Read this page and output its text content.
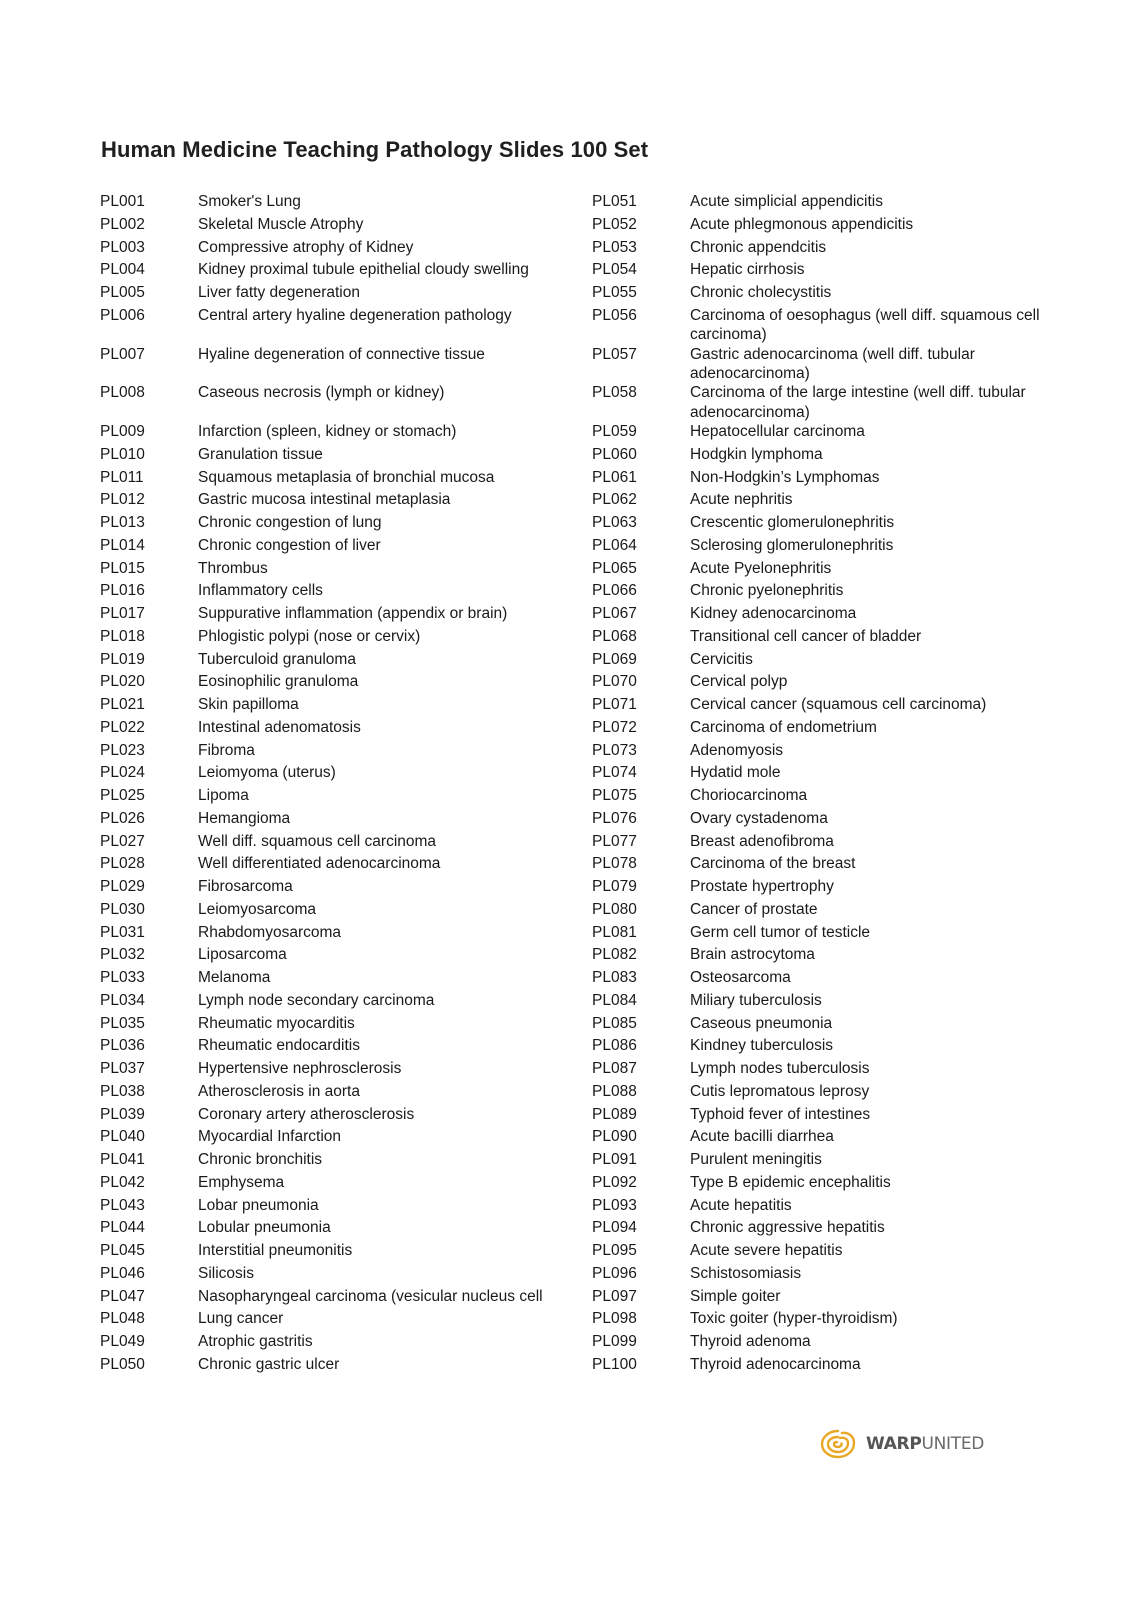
Human Medicine Teaching Pathology Slides 100 Set
PL001	Smoker's Lung
PL002	Skeletal Muscle Atrophy
PL003	Compressive atrophy of Kidney
PL004	Kidney proximal tubule epithelial cloudy swelling
PL005	Liver fatty degeneration
PL006	Central artery hyaline degeneration pathology
PL007	Hyaline degeneration of connective tissue
PL008	Caseous necrosis (lymph or kidney)
PL009	Infarction (spleen, kidney or stomach)
PL010	Granulation tissue
PL011	Squamous metaplasia of bronchial mucosa
PL012	Gastric mucosa intestinal metaplasia
PL013	Chronic congestion of lung
PL014	Chronic congestion of liver
PL015	Thrombus
PL016	Inflammatory cells
PL017	Suppurative inflammation (appendix or brain)
PL018	Phlogistic polypi (nose or cervix)
PL019	Tuberculoid granuloma
PL020	Eosinophilic granuloma
PL021	Skin papilloma
PL022	Intestinal adenomatosis
PL023	Fibroma
PL024	Leiomyoma (uterus)
PL025	Lipoma
PL026	Hemangioma
PL027	Well diff. squamous cell carcinoma
PL028	Well differentiated adenocarcinoma
PL029	Fibrosarcoma
PL030	Leiomyosarcoma
PL031	Rhabdomyosarcoma
PL032	Liposarcoma
PL033	Melanoma
PL034	Lymph node secondary carcinoma
PL035	Rheumatic myocarditis
PL036	Rheumatic endocarditis
PL037	Hypertensive nephrosclerosis
PL038	Atherosclerosis in aorta
PL039	Coronary artery atherosclerosis
PL040	Myocardial Infarction
PL041	Chronic bronchitis
PL042	Emphysema
PL043	Lobar pneumonia
PL044	Lobular pneumonia
PL045	Interstitial pneumonitis
PL046	Silicosis
PL047	Nasopharyngeal carcinoma (vesicular nucleus cell
PL048	Lung cancer
PL049	Atrophic gastritis
PL050	Chronic gastric ulcer
PL051	Acute simplicial appendicitis
PL052	Acute phlegmonous appendicitis
PL053	Chronic appendcitis
PL054	Hepatic cirrhosis
PL055	Chronic cholecystitis
PL056	Carcinoma of oesophagus (well diff. squamous cell carcinoma)
PL057	Gastric adenocarcinoma (well diff. tubular adenocarcinoma)
PL058	Carcinoma of the large intestine (well diff. tubular adenocarcinoma)
PL059	Hepatocellular carcinoma
PL060	Hodgkin lymphoma
PL061	Non-Hodgkin’s Lymphomas
PL062	Acute nephritis
PL063	Crescentic glomerulonephritis
PL064	Sclerosing glomerulonephritis
PL065	Acute Pyelonephritis
PL066	Chronic pyelonephritis
PL067	Kidney adenocarcinoma
PL068	Transitional cell cancer of bladder
PL069	Cervicitis
PL070	Cervical polyp
PL071	Cervical cancer (squamous cell carcinoma)
PL072	Carcinoma of endometrium
PL073	Adenomyosis
PL074	Hydatid mole
PL075	Choriocarcinoma
PL076	Ovary cystadenoma
PL077	Breast adenofibroma
PL078	Carcinoma of the breast
PL079	Prostate hypertrophy
PL080	Cancer of prostate
PL081	Germ cell tumor of testicle
PL082	Brain astrocytoma
PL083	Osteosarcoma
PL084	Miliary tuberculosis
PL085	Caseous pneumonia
PL086	Kindney tuberculosis
PL087	Lymph nodes tuberculosis
PL088	Cutis lepromatous leprosy
PL089	Typhoid fever of intestines
PL090	Acute bacilli diarrhea
PL091	Purulent meningitis
PL092	Type B epidemic encephalitis
PL093	Acute hepatitis
PL094	Chronic aggressive hepatitis
PL095	Acute severe hepatitis
PL096	Schistosomiasis
PL097	Simple goiter
PL098	Toxic goiter (hyper-thyroidism)
PL099	Thyroid adenoma
PL100	Thyroid adenocarcinoma
WARPUNITED
